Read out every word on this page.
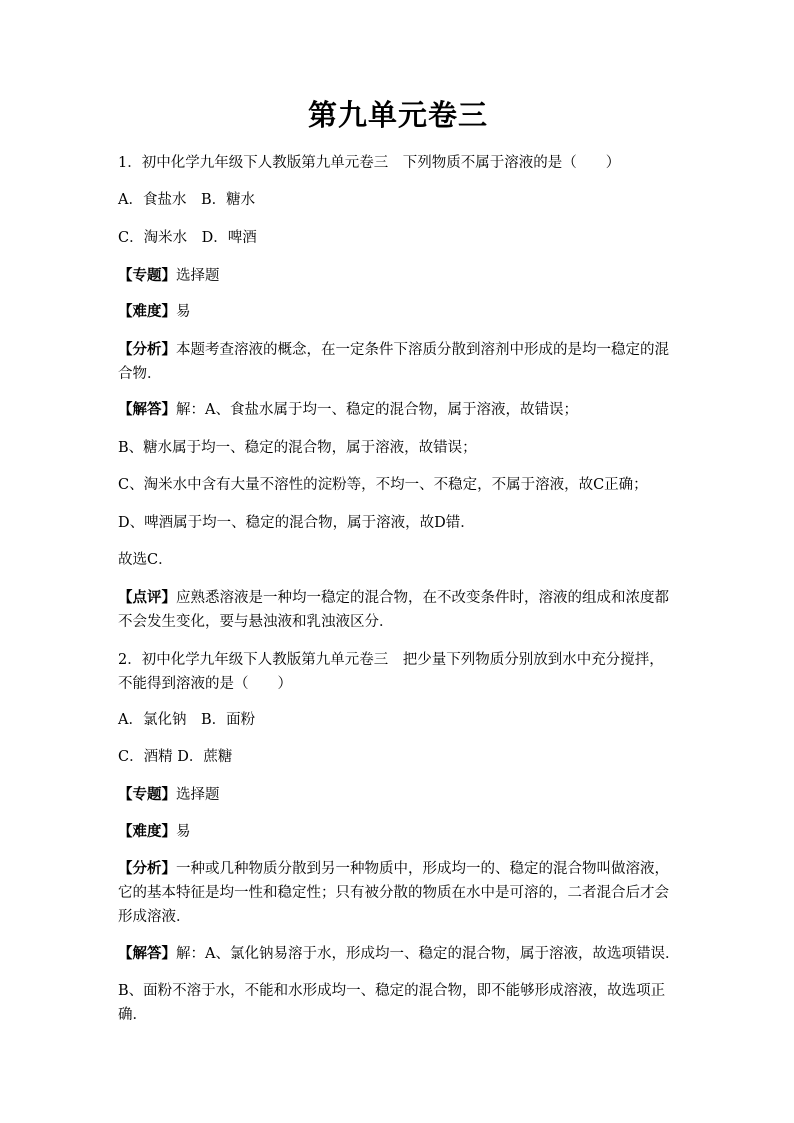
第九单元卷三

1．初中化学九年级下人教版第九单元卷三　下列物质不属于溶液的是（　　）

A．食盐水　B．糖水

C．淘米水　D．啤酒

【专题】选择题

【难度】易

【分析】本题考查溶液的概念，在一定条件下溶质分散到溶剂中形成的是均一稳定的混合物．

【解答】解：A、食盐水属于均一、稳定的混合物，属于溶液，故错误；

B、糖水属于均一、稳定的混合物，属于溶液，故错误；

C、淘米水中含有大量不溶性的淀粉等，不均一、不稳定，不属于溶液，故C正确；

D、啤酒属于均一、稳定的混合物，属于溶液，故D错．

故选C．

【点评】应熟悉溶液是一种均一稳定的混合物，在不改变条件时，溶液的组成和浓度都不会发生变化，要与悬浊液和乳浊液区分．

2．初中化学九年级下人教版第九单元卷三　把少量下列物质分别放到水中充分搅拌，不能得到溶液的是（　　）

A．氯化钠　B．面粉

C．酒精 D．蔗糖

【专题】选择题

【难度】易

【分析】一种或几种物质分散到另一种物质中，形成均一的、稳定的混合物叫做溶液，它的基本特征是均一性和稳定性；只有被分散的物质在水中是可溶的，二者混合后才会形成溶液．

【解答】解：A、氯化钠易溶于水，形成均一、稳定的混合物，属于溶液，故选项错误．

B、面粉不溶于水，不能和水形成均一、稳定的混合物，即不能够形成溶液，故选项正确．
